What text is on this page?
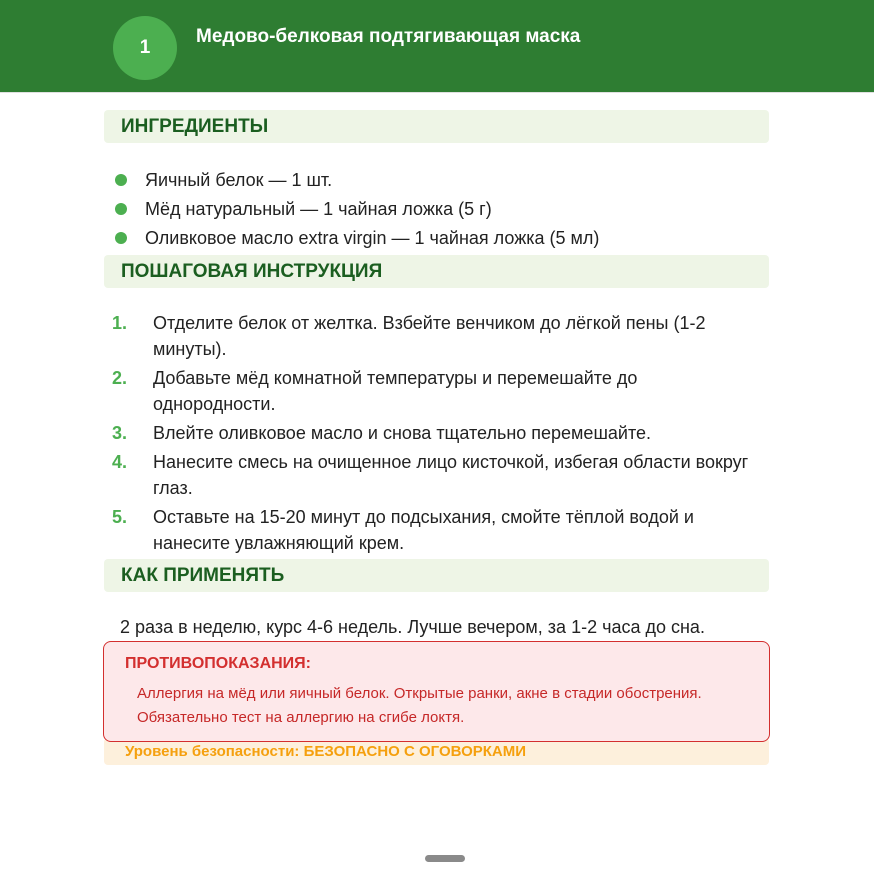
1
Медово-белковая подтягивающая маска
ИНГРЕДИЕНТЫ
Яичный белок — 1 шт.
Мёд натуральный — 1 чайная ложка (5 г)
Оливковое масло extra virgin — 1 чайная ложка (5 мл)
ПОШАГОВАЯ ИНСТРУКЦИЯ
1. Отделите белок от желтка. Взбейте венчиком до лёгкой пены (1-2 минуты).
2. Добавьте мёд комнатной температуры и перемешайте до однородности.
3. Влейте оливковое масло и снова тщательно перемешайте.
4. Нанесите смесь на очищенное лицо кисточкой, избегая области вокруг глаз.
5. Оставьте на 15-20 минут до подсыхания, смойте тёплой водой и нанесите увлажняющий крем.
КАК ПРИМЕНЯТЬ
2 раза в неделю, курс 4-6 недель. Лучше вечером, за 1-2 часа до сна.
Уровень безопасности: БЕЗОПАСНО С ОГОВОРКАМИ
ПРОТИВОПОКАЗАНИЯ:
Аллергия на мёд или яичный белок. Открытые ранки, акне в стадии обострения. Обязательно тест на аллергию на сгибе локтя.
